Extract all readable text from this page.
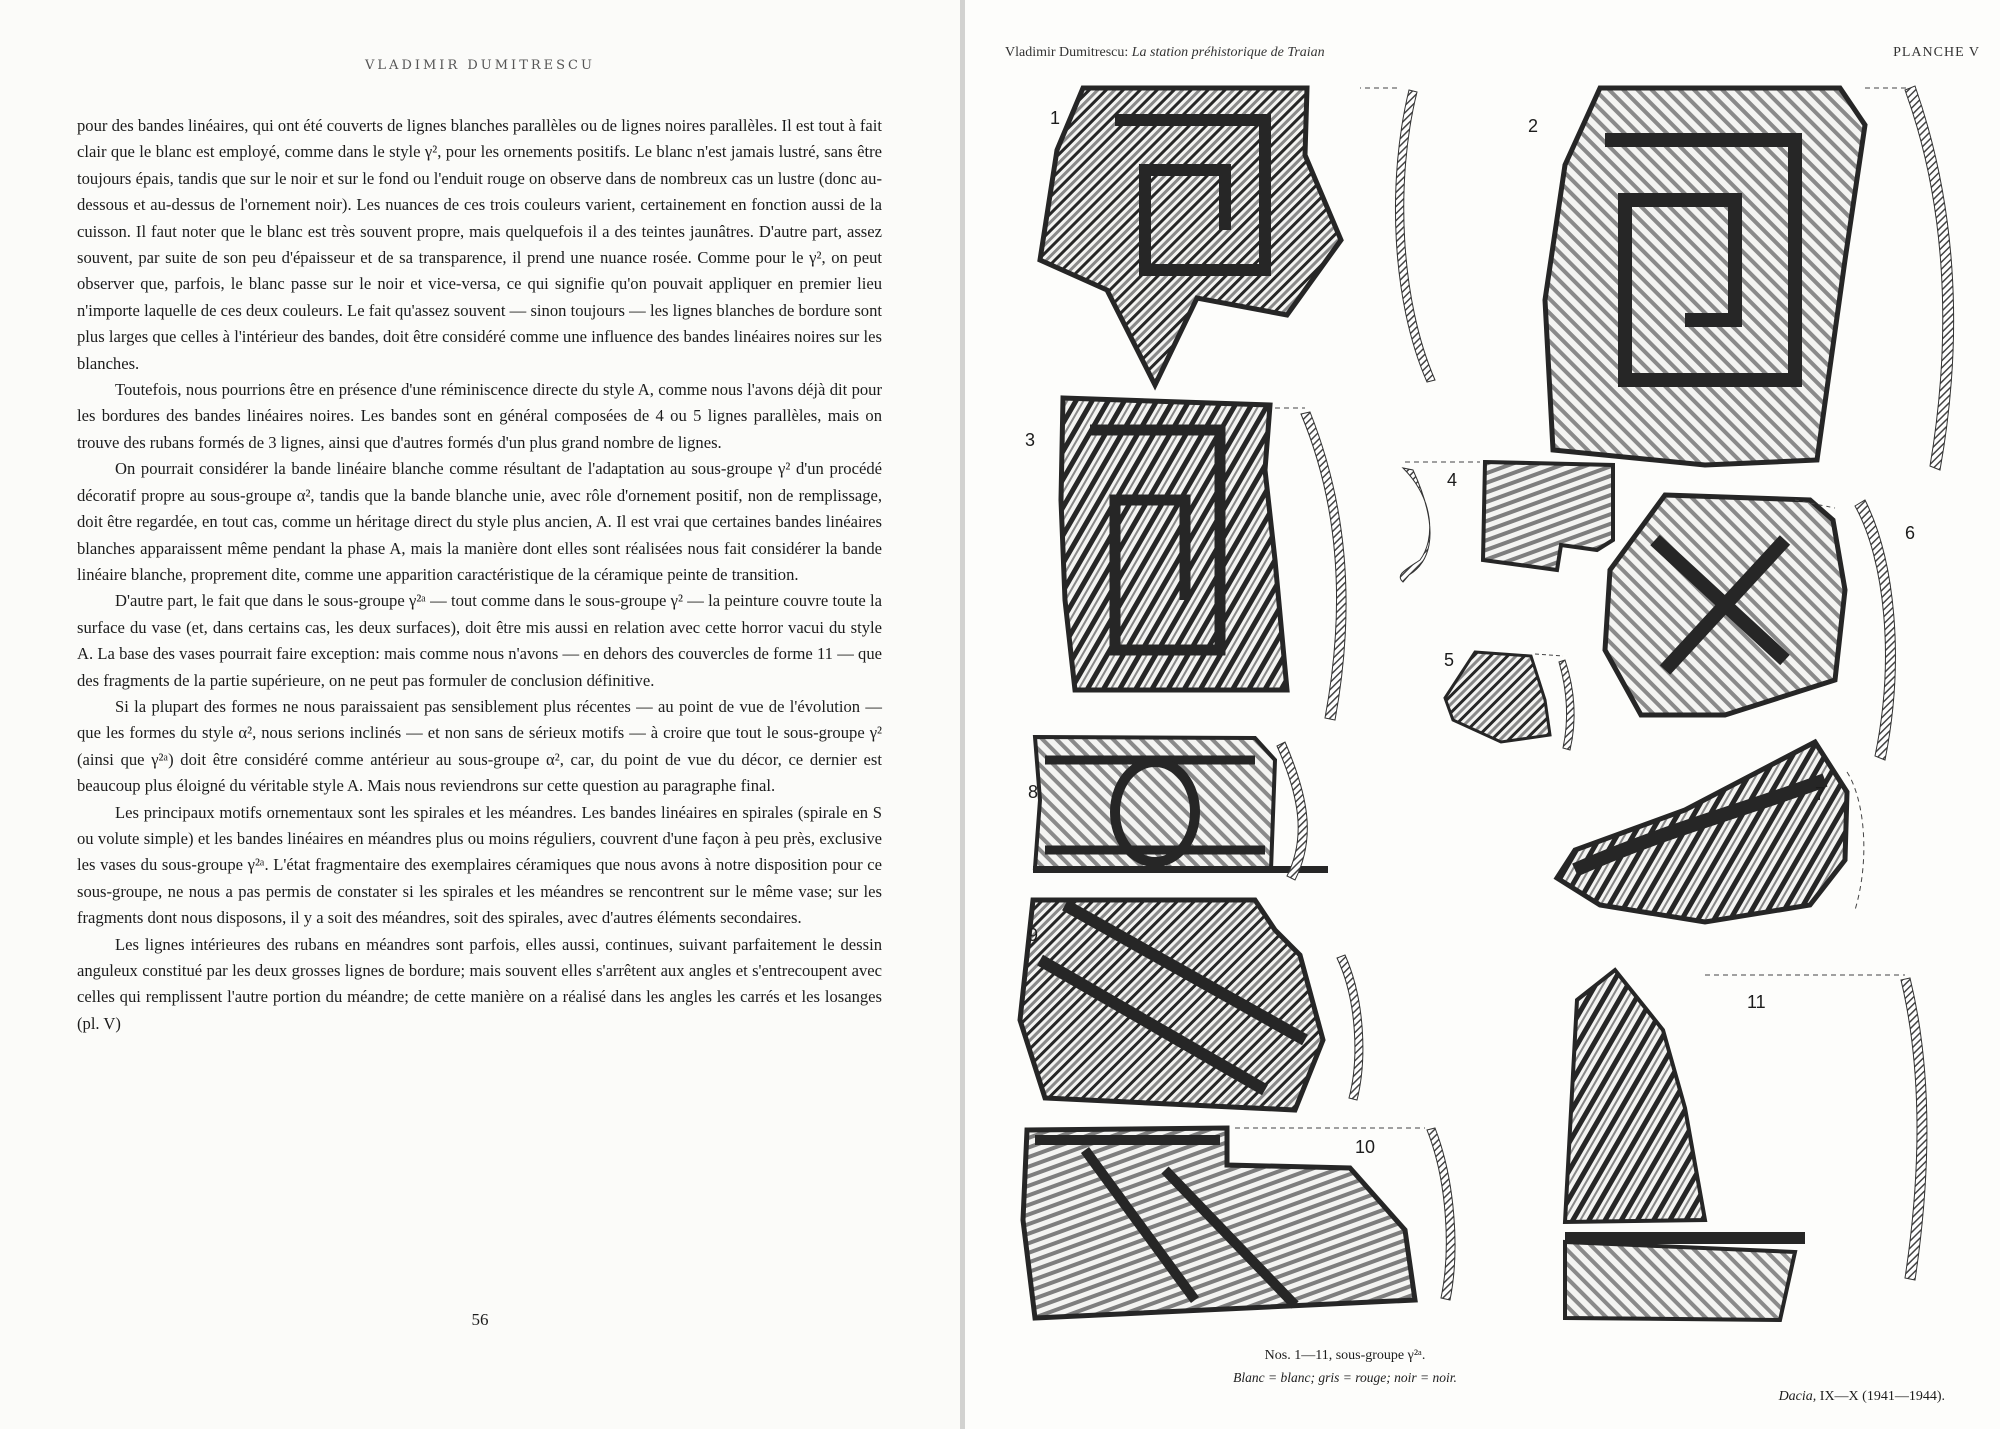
VLADIMIR DUMITRESCU

pour des bandes linéaires, qui ont été couverts de lignes blanches parallèles ou de lignes noires parallèles. Il est tout à fait clair que le blanc est employé, comme dans le style γ², pour les ornements positifs. Le blanc n'est jamais lustré, sans être toujours épais, tandis que sur le noir et sur le fond ou l'enduit rouge on observe dans de nombreux cas un lustre (donc au-dessous et au-dessus de l'ornement noir). Les nuances de ces trois couleurs varient, certainement en fonction aussi de la cuisson. Il faut noter que le blanc est très souvent propre, mais quelquefois il a des teintes jaunâtres. D'autre part, assez souvent, par suite de son peu d'épaisseur et de sa transparence, il prend une nuance rosée. Comme pour le γ², on peut observer que, parfois, le blanc passe sur le noir et vice-versa, ce qui signifie qu'on pouvait appliquer en premier lieu n'importe laquelle de ces deux couleurs. Le fait qu'assez souvent — sinon toujours — les lignes blanches de bordure sont plus larges que celles à l'intérieur des bandes, doit être considéré comme une influence des bandes linéaires noires sur les blanches.

Toutefois, nous pourrions être en présence d'une réminiscence directe du style A, comme nous l'avons déjà dit pour les bordures des bandes linéaires noires. Les bandes sont en général composées de 4 ou 5 lignes parallèles, mais on trouve des rubans formés de 3 lignes, ainsi que d'autres formés d'un plus grand nombre de lignes.

On pourrait considérer la bande linéaire blanche comme résultant de l'adaptation au sous-groupe γ² d'un procédé décoratif propre au sous-groupe α², tandis que la bande blanche unie, avec rôle d'ornement positif, non de remplissage, doit être regardée, en tout cas, comme un héritage direct du style plus ancien, A. Il est vrai que certaines bandes linéaires blanches apparaissent même pendant la phase A, mais la manière dont elles sont réalisées nous fait considérer la bande linéaire blanche, proprement dite, comme une apparition caractéristique de la céramique peinte de transition.

D'autre part, le fait que dans le sous-groupe γ²ᵃ — tout comme dans le sous-groupe γ² — la peinture couvre toute la surface du vase (et, dans certains cas, les deux surfaces), doit être mis aussi en relation avec cette horror vacui du style A. La base des vases pourrait faire exception: mais comme nous n'avons — en dehors des couvercles de forme 11 — que des fragments de la partie supérieure, on ne peut pas formuler de conclusion définitive.

Si la plupart des formes ne nous paraissaient pas sensiblement plus récentes — au point de vue de l'évolution — que les formes du style α², nous serions inclinés — et non sans de sérieux motifs — à croire que tout le sous-groupe γ² (ainsi que γ²ᵃ) doit être considéré comme antérieur au sous-groupe α², car, du point de vue du décor, ce dernier est beaucoup plus éloigné du véritable style A. Mais nous reviendrons sur cette question au paragraphe final.

Les principaux motifs ornementaux sont les spirales et les méandres. Les bandes linéaires en spirales (spirale en S ou volute simple) et les bandes linéaires en méandres plus ou moins réguliers, couvrent d'une façon à peu près, exclusive les vases du sous-groupe γ²ᵃ. L'état fragmentaire des exemplaires céramiques que nous avons à notre disposition pour ce sous-groupe, ne nous a pas permis de constater si les spirales et les méandres se rencontrent sur le même vase; sur les fragments dont nous disposons, il y a soit des méandres, soit des spirales, avec d'autres éléments secondaires.

Les lignes intérieures des rubans en méandres sont parfois, elles aussi, continues, suivant parfaitement le dessin anguleux constitué par les deux grosses lignes de bordure; mais souvent elles s'arrêtent aux angles et s'entrecoupent avec celles qui remplissent l'autre portion du méandre; de cette manière on a réalisé dans les angles les carrés et les losanges (pl. V)

56
Vladimir Dumitrescu: La station préhistorique de Traian	PLANCHE V
1	2
3
4
5
6
7
8
9
10
11
Nos. 1—11, sous-groupe γ²ᵃ.
Blanc = blanc; gris = rouge; noir = noir.
Dacia, IX—X (1941—1944).
